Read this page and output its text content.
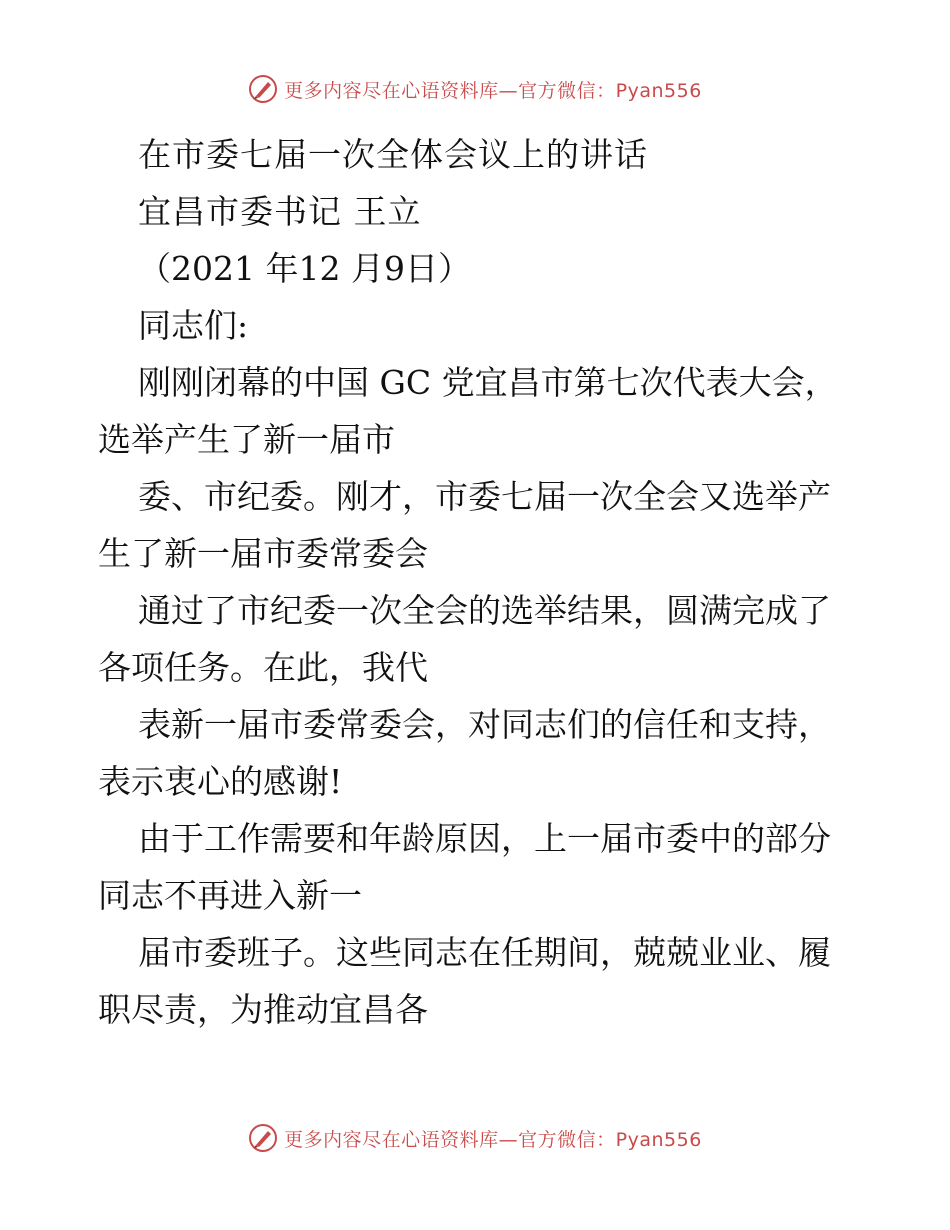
更多内容尽在心语资料库—官方微信：Pyan556
在市委七届一次全体会议上的讲话
宜昌市委书记 王立
（2021 年12 月9日）
同志们:
刚刚闭幕的中国 GC 党宜昌市第七次代表大会，
选举产生了新一届市
委、市纪委。刚才，市委七届一次全会又选举产
生了新一届市委常委会
通过了市纪委一次全会的选举结果，圆满完成了
各项任务。在此，我代
表新一届市委常委会，对同志们的信任和支持，
表示衷心的感谢!
由于工作需要和年龄原因，上一届市委中的部分
同志不再进入新一
届市委班子。这些同志在任期间，兢兢业业、履
职尽责，为推动宜昌各
更多内容尽在心语资料库—官方微信：Pyan556
